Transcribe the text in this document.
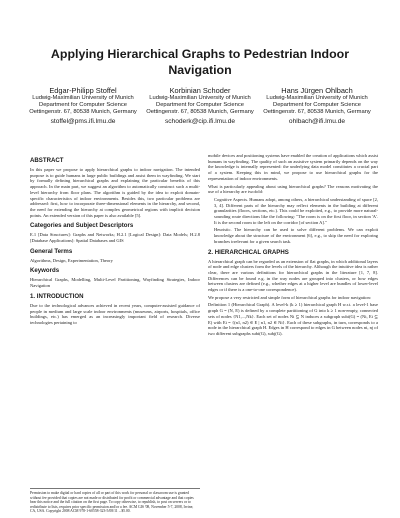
Applying Hierarchical Graphs to Pedestrian Indoor Navigation
Edgar-Philipp Stoffel
Ludwig-Maximilian University of Munich
Department for Computer Science
Oettingenstr. 67, 80538 Munich, Germany
stoffel@pms.ifi.lmu.de
Korbinian Schoder
Ludwig-Maximilian University of Munich
Department for Computer Science
Oettingenstr. 67, 80538 Munich, Germany
schoderk@cip.ifi.lmu.de
Hans Jürgen Ohlbach
Ludwig-Maximilian University of Munich
Department for Computer Science
Oettingenstr. 67, 80538 Munich, Germany
ohlbach@ifi.lmu.de
ABSTRACT

In this paper we propose to apply hierarchical graphs to indoor navigation. The intended purpose is to guide humans in large public buildings and assist them in wayfinding. We start by formally defining hierarchical graphs and explaining the particular benefits of this approach. In the main part, we suggest an algorithm to automatically construct such a multi-level hierarchy from floor plans. The algorithm is guided by the idea to exploit domain-specific characteristics of indoor environments. Besides this, two particular problems are addressed: first, how to incorporate three-dimensional elements in the hierarchy, and second, the need for extending the hierarchy at complex geometrical regions with implicit decision points. An extended version of this paper is also available [5].

Categories and Subject Descriptors

E.1 [Data Structures]: Graphs and Networks; H.2.1 [Logical Design]: Data Models; H.2.8 [Database Applications]: Spatial Databases and GIS

General Terms

Algorithms, Design, Experimentation, Theory

Keywords

Hierarchical Graphs, Modelling, Multi-Level Partitioning, Wayfinding Strategies, Indoor Navigation

1. INTRODUCTION

Due to the technological advances achieved in recent years, computer-assisted guidance of people in medium and large scale indoor environments (museums, airports, hospitals, office buildings, etc.) has emerged as an increasingly important field of research. Diverse technologies pertaining to

Permission to make digital or hard copies of all or part of this work for personal or classroom use is granted without fee provided that copies are not made or distributed for profit or commercial advantage and that copies bear this notice and the full citation on the first page. To copy otherwise, to republish, to post on servers or to redistribute to lists, requires prior specific permission and/or a fee. ACM GIS '08, November 5-7, 2008, Irvine, CA, USA. Copyright 2008 ACM 978-1-60558-323-5/08/11 ...$5.00.

mobile devices and positioning systems have enabled the creation of applications which assist humans in wayfinding. The quality of such an assistive system primarily depends on the way the knowledge is internally represented: the underlying data model constitutes a crucial part of a system. Keeping this in mind, we propose to use hierarchical graphs for the representation of indoor environments.

What is particularly appealing about using hierarchical graphs? The reasons motivating the use of a hierarchy are twofold:

Cognitive Aspects. Humans adopt, among others, a hierarchical understanding of space [2, 3, 4]. Different parts of the hierarchy may reflect elements in the building at different granularities (floors, sections, etc.). This could be exploited, e.g., to provide more natural-sounding route directions like the following: "The room is on the first floor, in section 'A'. It is the second room to the left on the corridor [of section A]."

Heuristic. The hierarchy can be used to solve different problems. We can exploit knowledge about the structure of the environment [6], e.g., to skip the need for exploring branches irrelevant for a given search task.

2. HIERARCHICAL GRAPHS

A hierarchical graph can be regarded as an extension of flat graphs, in which additional layers of node and edge clusters form the levels of the hierarchy. Although the intuitive idea is rather clear, there are various definitions for hierarchical graphs in the literature [1, 7, 8]. Differences can be found e.g. in the way nodes are grouped into clusters, or how edges between clusters are defined (e.g., whether edges at a higher level are bundles of lower-level edges or if there is a one-to-one correspondence).

We propose a very restricted and simple form of hierarchical graphs for indoor navigation:

Definition 1 (Hierarchical Graph). A level-k (k ≥ 1) hierarchical graph H w.r.t. a level-1 base graph G = (N, E) is defined by a complete partitioning of G into k ≥ 1 non-empty, connected sets of nodes {N1,...,Nk}. Each set of nodes Ni ⊆ N induces a subgraph subi(G) = (Ni, Ei ⊆ E) with Ei = {(n1, n2) ∈ E | n1, n2 ∈ Ni}. Each of these subgraphs, in turn, corresponds to a node in the hierarchical graph H. Edges in H correspond to edges in G between nodes ni, nj of two different subgraphs subi(G), subj(G).
